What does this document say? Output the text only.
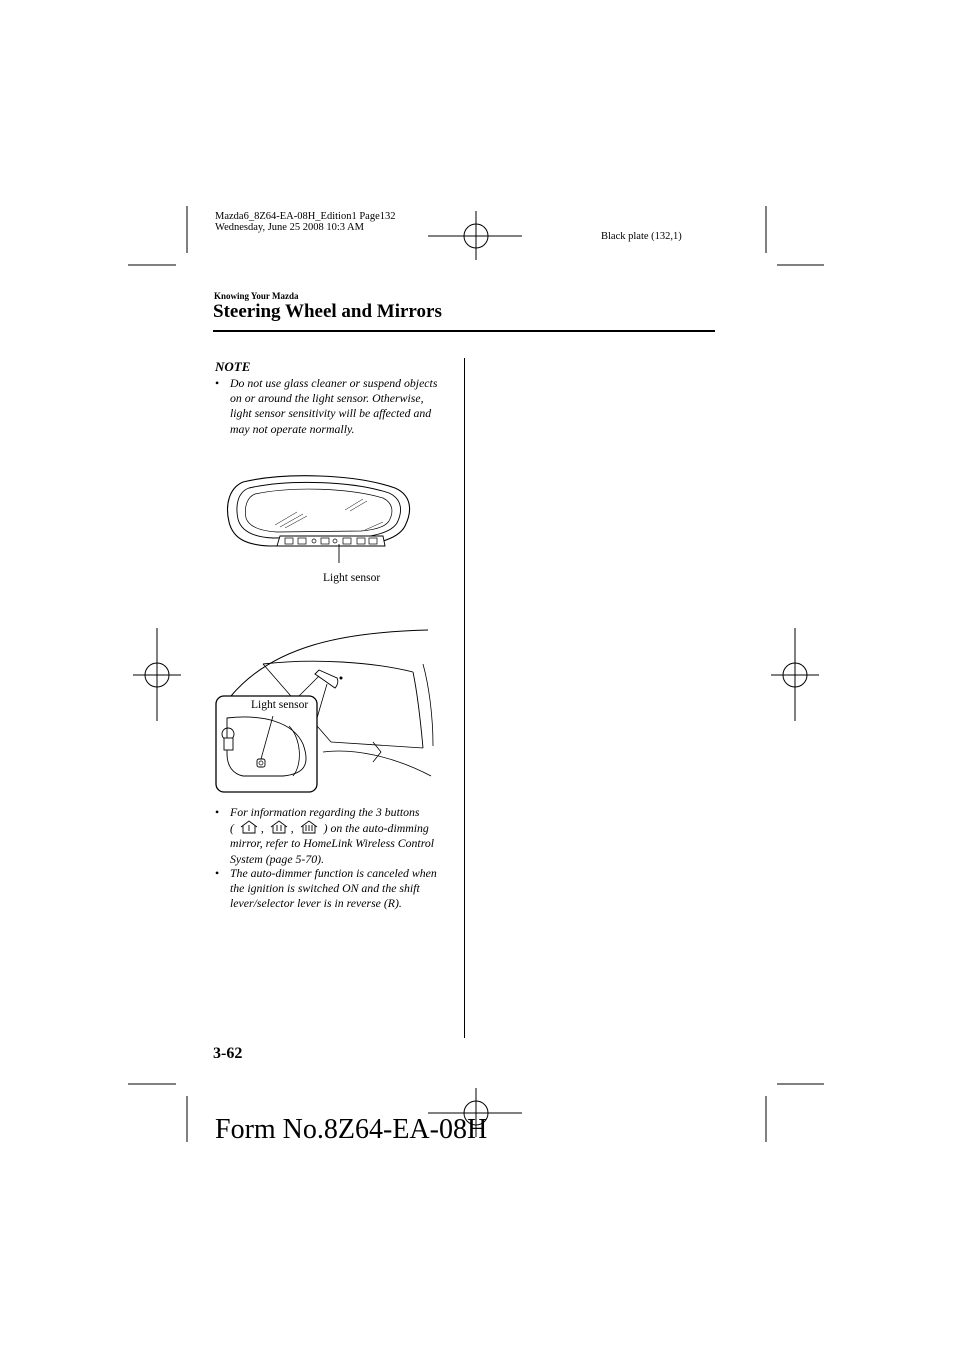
Mazda6_8Z64-EA-08H_Edition1 Page132
Wednesday, June 25 2008 10:3 AM
Black plate (132,1)
Knowing Your Mazda
Steering Wheel and Mirrors
NOTE
• Do not use glass cleaner or suspend objects
on or around the light sensor. Otherwise,
light sensor sensitivity will be affected and
may not operate normally.
Light sensor
Light sensor
• For information regarding the 3 buttons
( , ,	) on the auto-dimming
mirror, refer to HomeLink Wireless Control
System (page 5-70).
• The auto-dimmer function is canceled when
the ignition is switched ON and the shift
lever/selector lever is in reverse (R).
3-62
Form No.8Z64-EA-08H
